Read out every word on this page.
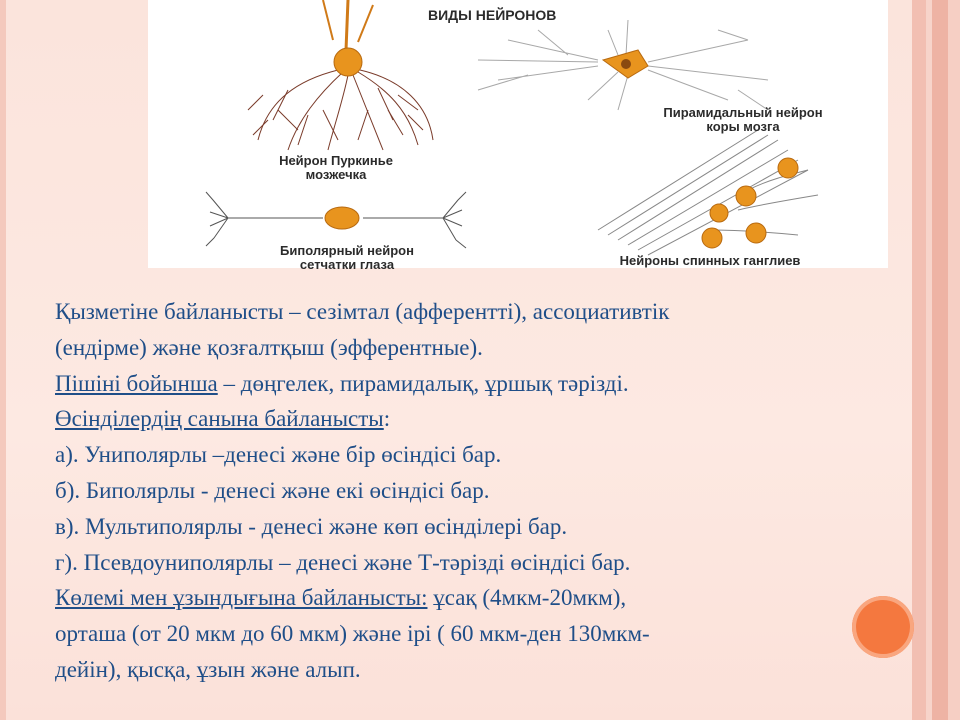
ВИДЫ НЕЙРОНОВ
Нейрон Пуркинье
мозжечка
Пирамидальный нейрон
коры мозга
Биполярный нейрон
сетчатки глаза	Нейроны спинных ганглиев

Қызметіне байланысты – сезімтал (афферентті), ассоциативтік

(ендірме) және қозғалтқыш (эфферентные).

Пішіні бойынша – дөңгелек, пирамидалық, ұршық тәрізді.

Өсінділердің санына байланысты:

а). Униполярлы –денесі және бір өсіндісі бар.

б). Биполярлы - денесі және екі өсіндісі бар.

в). Мультиполярлы - денесі және көп өсінділері бар.

г). Псевдоуниполярлы – денесі және Т-тәрізді өсіндісі бар.

Көлемі мен ұзындығына байланысты: ұсақ (4мкм-20мкм),

орташа (от 20 мкм до 60 мкм) және ірі ( 60 мкм-ден 130мкм-

дейін), қысқа, ұзын және алып.
